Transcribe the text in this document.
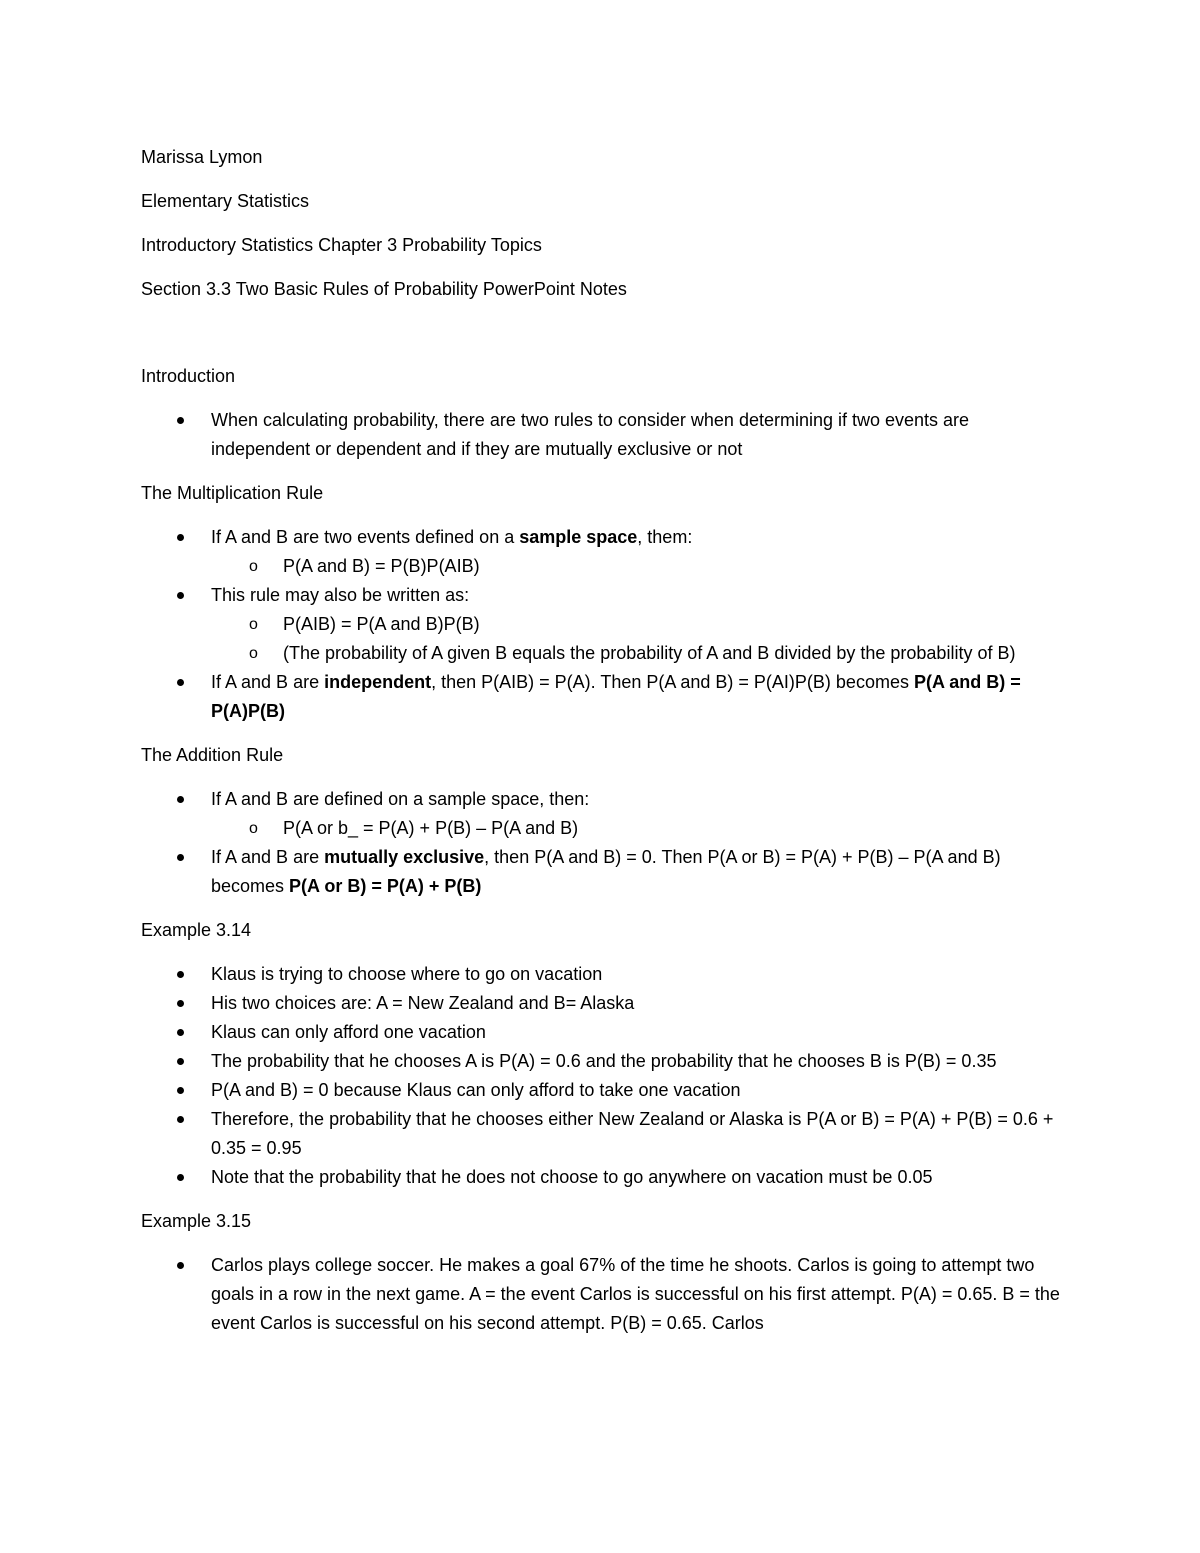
Marissa Lymon

Elementary Statistics

Introductory Statistics Chapter 3 Probability Topics

Section 3.3 Two Basic Rules of Probability PowerPoint Notes

Introduction

When calculating probability, there are two rules to consider when determining if two events are independent or dependent and if they are mutually exclusive or not

The Multiplication Rule

If A and B are two events defined on a sample space, them:
o P(A and B) = P(B)P(AIB)
This rule may also be written as:
o P(AIB) = P(A and B)P(B)
o (The probability of A given B equals the probability of A and B divided by the probability of B)
If A and B are independent, then P(AIB) = P(A). Then P(A and B) = P(AI)P(B) becomes P(A and B) = P(A)P(B)

The Addition Rule

If A and B are defined on a sample space, then:
o P(A or b_ = P(A) + P(B) – P(A and B)
If A and B are mutually exclusive, then P(A and B) = 0. Then P(A or B) = P(A) + P(B) – P(A and B) becomes P(A or B) = P(A) + P(B)

Example 3.14

Klaus is trying to choose where to go on vacation
His two choices are: A = New Zealand and B= Alaska
Klaus can only afford one vacation
The probability that he chooses A is P(A) = 0.6 and the probability that he chooses B is P(B) = 0.35
P(A and B) = 0 because Klaus can only afford to take one vacation
Therefore, the probability that he chooses either New Zealand or Alaska is P(A or B) = P(A) + P(B) = 0.6 + 0.35 = 0.95
Note that the probability that he does not choose to go anywhere on vacation must be 0.05

Example 3.15

Carlos plays college soccer. He makes a goal 67% of the time he shoots. Carlos is going to attempt two goals in a row in the next game. A = the event Carlos is successful on his first attempt. P(A) = 0.65. B = the event Carlos is successful on his second attempt. P(B) = 0.65. Carlos
